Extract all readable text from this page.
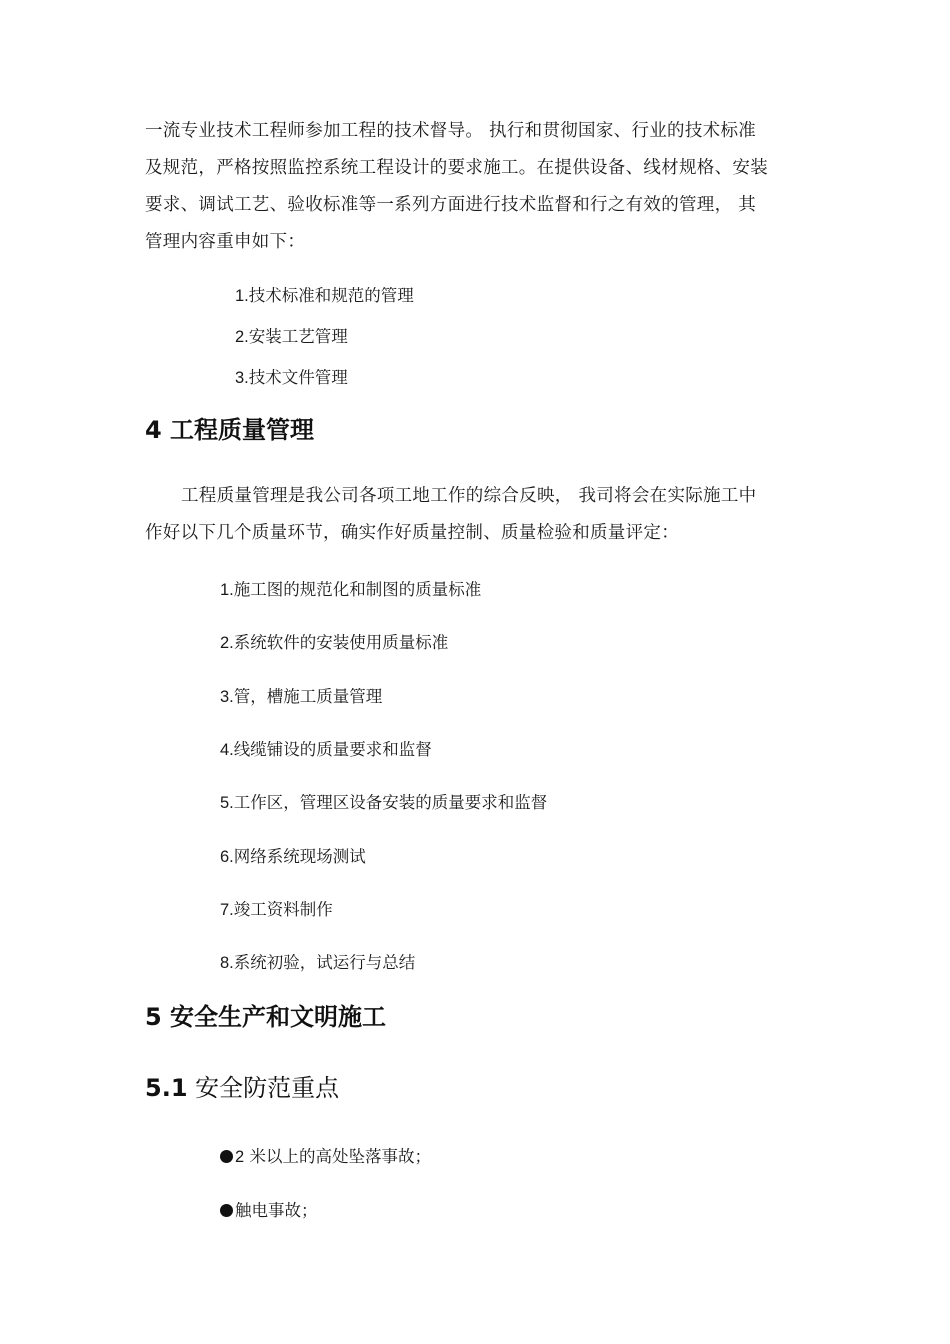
一流专业技术工程师参加工程的技术督导。 执行和贯彻国家、行业的技术标准
及规范，严格按照监控系统工程设计的要求施工。在提供设备、线材规格、安装
要求、调试工艺、验收标准等一系列方面进行技术监督和行之有效的管理， 其
管理内容重申如下：
1.技术标准和规范的管理
2.安装工艺管理
3.技术文件管理
4 工程质量管理
工程质量管理是我公司各项工地工作的综合反映， 我司将会在实际施工中
作好以下几个质量环节，确实作好质量控制、质量检验和质量评定：
1.施工图的规范化和制图的质量标准
2.系统软件的安装使用质量标准
3.管，槽施工质量管理
4.线缆铺设的质量要求和监督
5.工作区，管理区设备安装的质量要求和监督
6.网络系统现场测试
7.竣工资料制作
8.系统初验，试运行与总结
5 安全生产和文明施工
5.1 安全防范重点
2 米以上的高处坠落事故；
触电事故；
